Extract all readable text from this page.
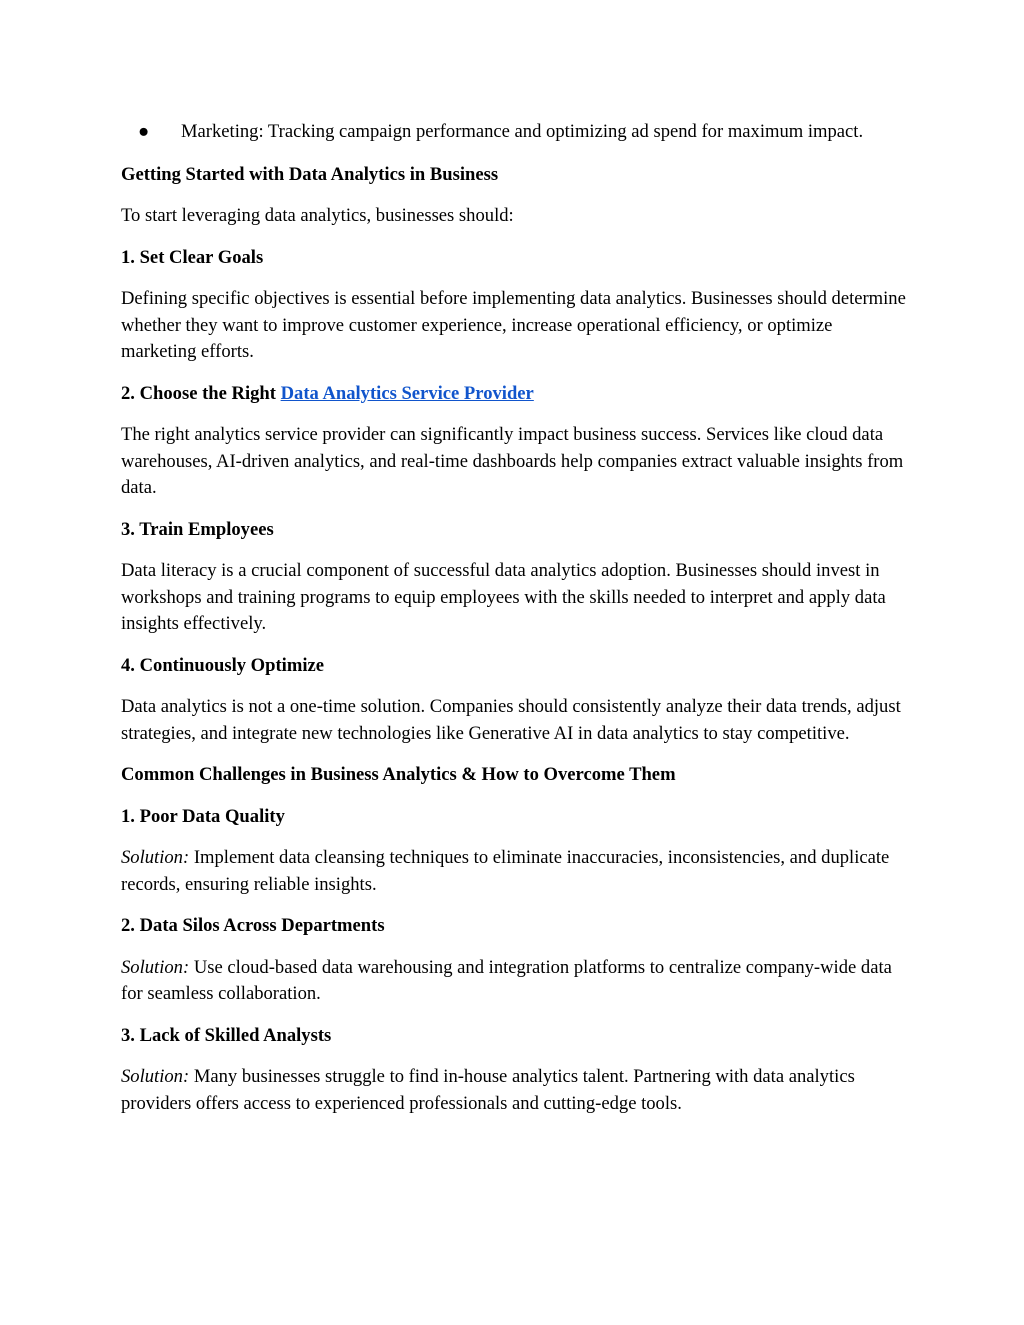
● Marketing: Tracking campaign performance and optimizing ad spend for maximum impact.

Getting Started with Data Analytics in Business

To start leveraging data analytics, businesses should:

1. Set Clear Goals

Defining specific objectives is essential before implementing data analytics. Businesses should determine whether they want to improve customer experience, increase operational efficiency, or optimize marketing efforts.

2. Choose the Right Data Analytics Service Provider

The right analytics service provider can significantly impact business success. Services like cloud data warehouses, AI-driven analytics, and real-time dashboards help companies extract valuable insights from data.

3. Train Employees

Data literacy is a crucial component of successful data analytics adoption. Businesses should invest in workshops and training programs to equip employees with the skills needed to interpret and apply data insights effectively.

4. Continuously Optimize

Data analytics is not a one-time solution. Companies should consistently analyze their data trends, adjust strategies, and integrate new technologies like Generative AI in data analytics to stay competitive.

Common Challenges in Business Analytics & How to Overcome Them

1. Poor Data Quality

Solution: Implement data cleansing techniques to eliminate inaccuracies, inconsistencies, and duplicate records, ensuring reliable insights.

2. Data Silos Across Departments

Solution: Use cloud-based data warehousing and integration platforms to centralize company-wide data for seamless collaboration.

3. Lack of Skilled Analysts

Solution: Many businesses struggle to find in-house analytics talent. Partnering with data analytics providers offers access to experienced professionals and cutting-edge tools.
